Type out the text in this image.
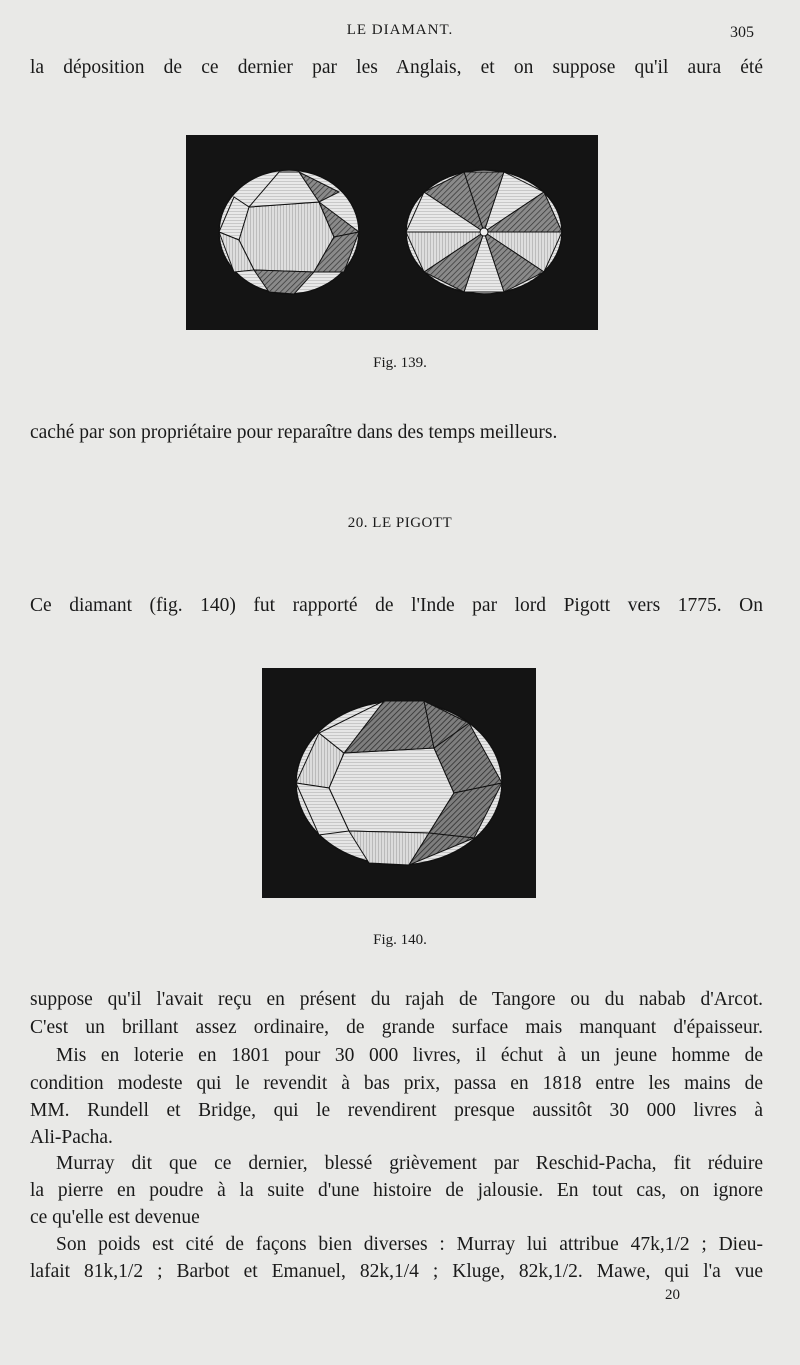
LE DIAMANT.	305
la déposition de ce dernier par les Anglais, et on suppose qu'il aura été
Fig. 139.
caché par son propriétaire pour reparaître dans des temps meilleurs.
20. LE PIGOTT
Ce diamant (fig. 140) fut rapporté de l'Inde par lord Pigott vers 1775. On
Fig. 140.
suppose qu'il l'avait reçu en présent du rajah de Tangore ou du nabab d'Arcot.
C'est un brillant assez ordinaire, de grande surface mais manquant d'épaisseur.
Mis en loterie en 1801 pour 30 000 livres, il échut à un jeune homme de
condition modeste qui le revendit à bas prix, passa en 1818 entre les mains de
MM. Rundell et Bridge, qui le revendirent presque aussitôt 30 000 livres à
Ali-Pacha.
Murray dit que ce dernier, blessé grièvement par Reschid-Pacha, fit réduire
la pierre en poudre à la suite d'une histoire de jalousie. En tout cas, on ignore
ce qu'elle est devenue
Son poids est cité de façons bien diverses : Murray lui attribue 47k,1/2 ; Dieu-
lafait 81k,1/2 ; Barbot et Emanuel, 82k,1/4 ; Kluge, 82k,1/2. Mawe, qui l'a vue
20
